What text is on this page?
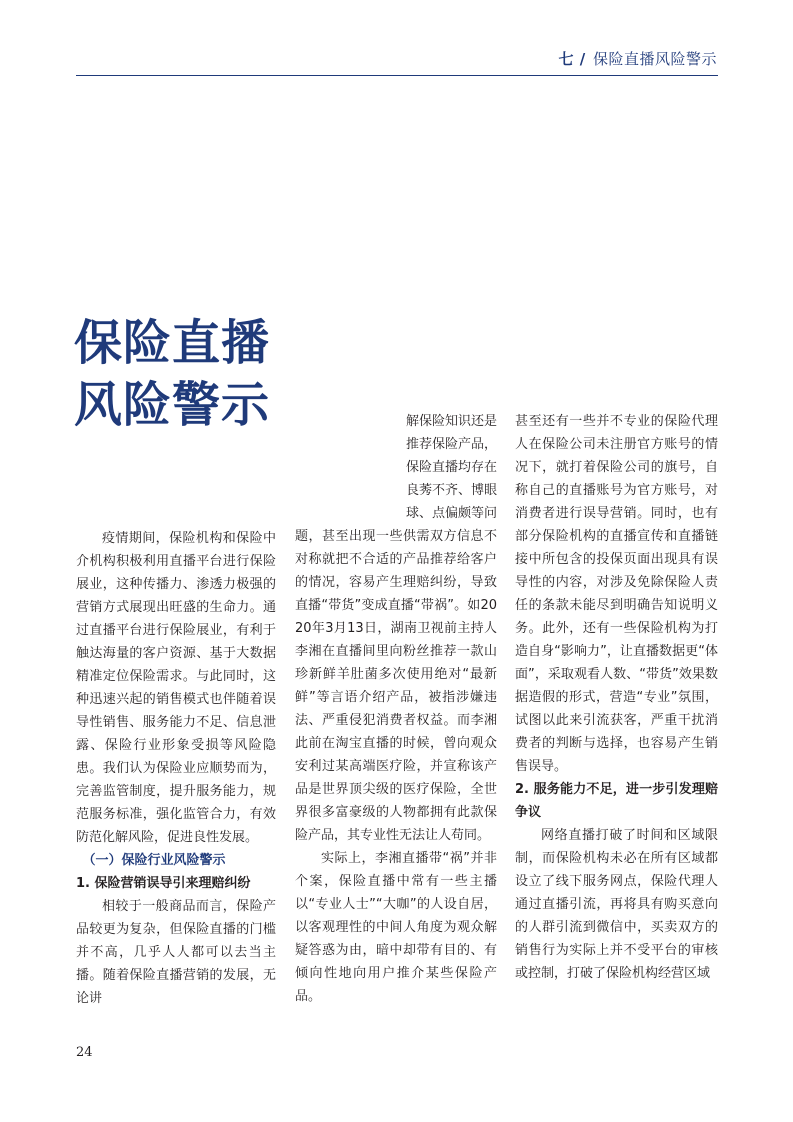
七 / 保险直播风险警示
保险直播
风险警示

疫情期间，保险机构和保险中介机构积极利用直播平台进行保险展业，这种传播力、渗透力极强的营销方式展现出旺盛的生命力。通过直播平台进行保险展业，有利于触达海量的客户资源、基于大数据精准定位保险需求。与此同时，这种迅速兴起的销售模式也伴随着误导性销售、服务能力不足、信息泄露、保险行业形象受损等风险隐患。我们认为保险业应顺势而为，完善监管制度，提升服务能力，规范服务标准，强化监管合力，有效防范化解风险，促进良性发展。

（一）保险行业风险警示
1. 保险营销误导引来理赔纠纷

相较于一般商品而言，保险产品较更为复杂，但保险直播的门槛并不高，几乎人人都可以去当主播。随着保险直播营销的发展，无论讲

解保险知识还是
推荐保险产品，
保险直播均存在
良莠不齐、博眼
球、点偏颇等问

题，甚至出现一些供需双方信息不对称就把不合适的产品推荐给客户的情况，容易产生理赔纠纷，导致直播“带货”变成直播“带祸”。如2020年3月13日，湖南卫视前主持人李湘在直播间里向粉丝推荐一款山珍新鲜羊肚菌多次使用绝对“最新鲜”等言语介绍产品，被指涉嫌违法、严重侵犯消费者权益。而李湘此前在淘宝直播的时候，曾向观众安利过某高端医疗险，并宣称该产品是世界顶尖级的医疗保险，全世界很多富豪级的人物都拥有此款保险产品，其专业性无法让人苟同。

实际上，李湘直播带“祸”并非个案，保险直播中常有一些主播以“专业人士”“大咖”的人设自居，以客观理性的中间人角度为观众解疑答惑为由，暗中却带有目的、有倾向性地向用户推介某些保险产品。

甚至还有一些并不专业的保险代理人在保险公司未注册官方账号的情况下，就打着保险公司的旗号，自称自己的直播账号为官方账号，对消费者进行误导营销。同时，也有部分保险机构的直播宣传和直播链接中所包含的投保页面出现具有误导性的内容，对涉及免除保险人责任的条款未能尽到明确告知说明义务。此外，还有一些保险机构为打造自身“影响力”，让直播数据更“体面”，采取观看人数、“带货”效果数据造假的形式，营造“专业”氛围，试图以此来引流获客，严重干扰消费者的判断与选择，也容易产生销售误导。

2. 服务能力不足，进一步引发理赔争议

网络直播打破了时间和区域限制，而保险机构未必在所有区域都设立了线下服务网点，保险代理人通过直播引流，再将具有购买意向的人群引流到微信中，买卖双方的销售行为实际上并不受平台的审核或控制，打破了保险机构经营区域

24
